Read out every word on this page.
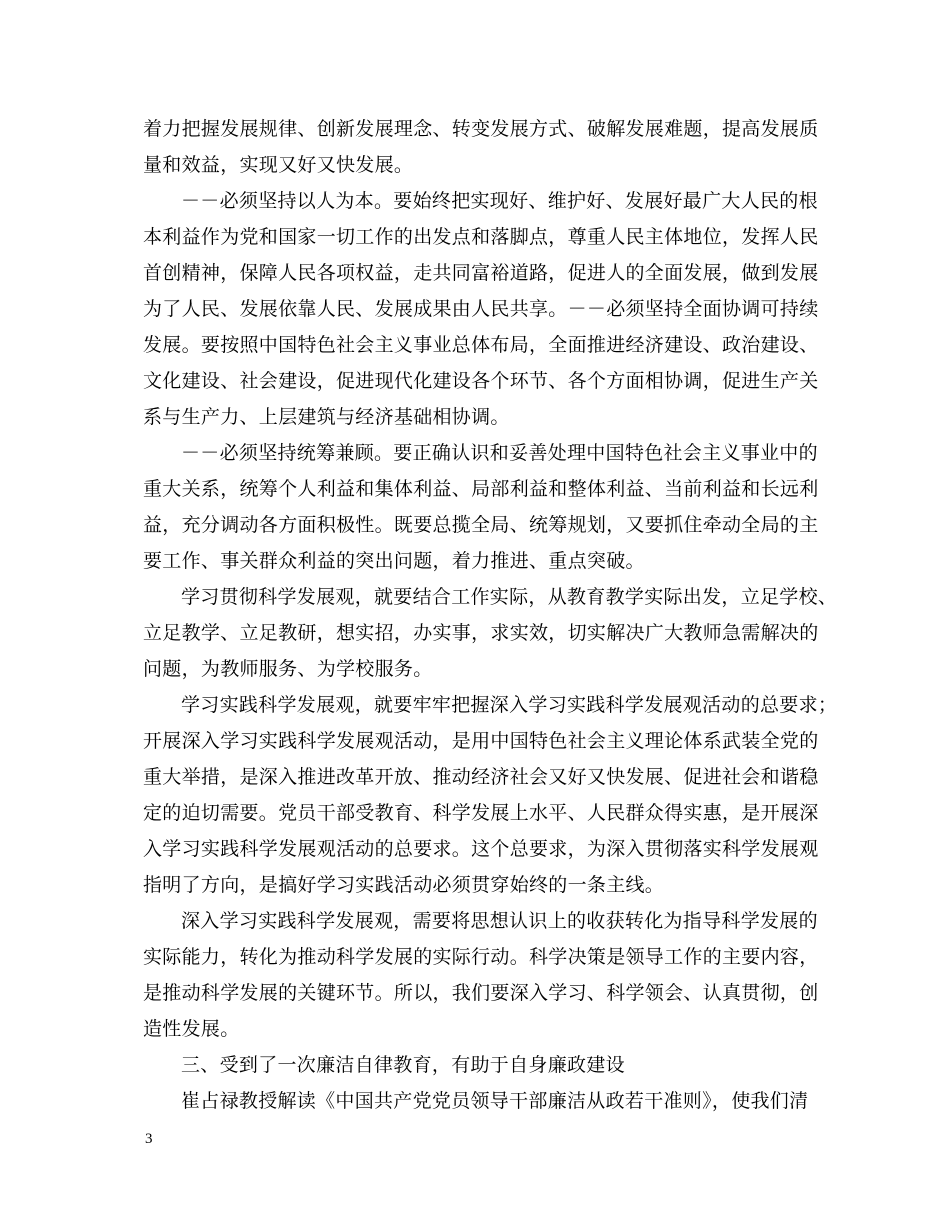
着力把握发展规律、创新发展理念、转变发展方式、破解发展难题，提高发展质
量和效益，实现又好又快发展。
－－必须坚持以人为本。要始终把实现好、维护好、发展好最广大人民的根
本利益作为党和国家一切工作的出发点和落脚点，尊重人民主体地位，发挥人民
首创精神，保障人民各项权益，走共同富裕道路，促进人的全面发展，做到发展
为了人民、发展依靠人民、发展成果由人民共享。－－必须坚持全面协调可持续
发展。要按照中国特色社会主义事业总体布局，全面推进经济建设、政治建设、
文化建设、社会建设，促进现代化建设各个环节、各个方面相协调，促进生产关
系与生产力、上层建筑与经济基础相协调。
－－必须坚持统筹兼顾。要正确认识和妥善处理中国特色社会主义事业中的
重大关系，统筹个人利益和集体利益、局部利益和整体利益、当前利益和长远利
益，充分调动各方面积极性。既要总揽全局、统筹规划，又要抓住牵动全局的主
要工作、事关群众利益的突出问题，着力推进、重点突破。
学习贯彻科学发展观，就要结合工作实际，从教育教学实际出发，立足学校、
立足教学、立足教研，想实招，办实事，求实效，切实解决广大教师急需解决的
问题，为教师服务、为学校服务。
学习实践科学发展观，就要牢牢把握深入学习实践科学发展观活动的总要求；
开展深入学习实践科学发展观活动，是用中国特色社会主义理论体系武装全党的
重大举措，是深入推进改革开放、推动经济社会又好又快发展、促进社会和谐稳
定的迫切需要。党员干部受教育、科学发展上水平、人民群众得实惠，是开展深
入学习实践科学发展观活动的总要求。这个总要求，为深入贯彻落实科学发展观
指明了方向，是搞好学习实践活动必须贯穿始终的一条主线。
深入学习实践科学发展观，需要将思想认识上的收获转化为指导科学发展的
实际能力，转化为推动科学发展的实际行动。科学决策是领导工作的主要内容，
是推动科学发展的关键环节。所以，我们要深入学习、科学领会、认真贯彻，创
造性发展。
三、受到了一次廉洁自律教育，有助于自身廉政建设
崔占禄教授解读《中国共产党党员领导干部廉洁从政若干准则》，使我们清
3
